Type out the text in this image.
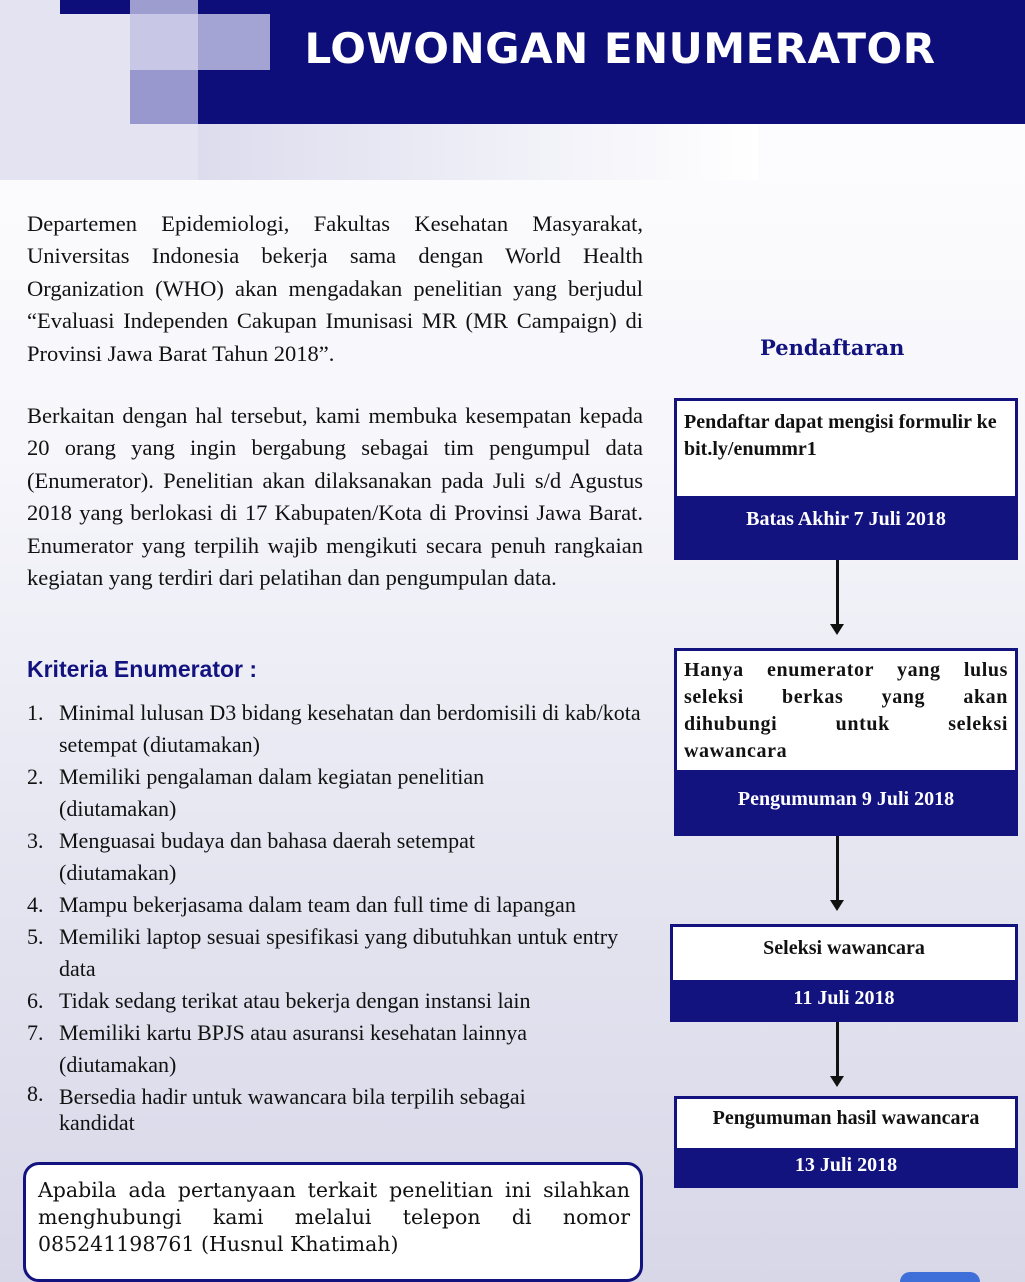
LOWONGAN ENUMERATOR
Departemen Epidemiologi, Fakultas Kesehatan Masyarakat, Universitas Indonesia bekerja sama dengan World Health Organization (WHO) akan mengadakan penelitian yang berjudul “Evaluasi Independen Cakupan Imunisasi MR (MR Campaign) di Provinsi Jawa Barat Tahun 2018”.
Berkaitan dengan hal tersebut, kami membuka kesempatan kepada 20 orang yang ingin bergabung sebagai tim pengumpul data (Enumerator). Penelitian akan dilaksanakan pada Juli s/d Agustus 2018 yang berlokasi di 17 Kabupaten/Kota di Provinsi Jawa Barat. Enumerator yang terpilih wajib mengikuti secara penuh rangkaian kegiatan yang terdiri dari pelatihan dan pengumpulan data.
Kriteria Enumerator :
1. Minimal lulusan D3 bidang kesehatan dan berdomisili di kab/kota setempat (diutamakan)
2. Memiliki pengalaman dalam kegiatan penelitian (diutamakan)
3. Menguasai budaya dan bahasa daerah setempat (diutamakan)
4. Mampu bekerjasama dalam team dan full time di lapangan
5. Memiliki laptop sesuai spesifikasi yang dibutuhkan untuk entry data
6. Tidak sedang terikat atau bekerja dengan instansi lain
7. Memiliki kartu BPJS atau asuransi kesehatan lainnya (diutamakan)
8. Bersedia hadir untuk wawancara bila terpilih sebagai kandidat
Apabila ada pertanyaan terkait penelitian ini silahkan menghubungi kami melalui telepon di nomor 085241198761 (Husnul Khatimah)
Pendaftaran
Pendaftar dapat mengisi formulir ke bit.ly/enummr1
Batas Akhir 7 Juli 2018
Hanya enumerator yang lulus seleksi berkas yang akan dihubungi untuk seleksi wawancara
Pengumuman 9 Juli 2018
Seleksi wawancara
11 Juli 2018
Pengumuman hasil wawancara
13 Juli 2018
